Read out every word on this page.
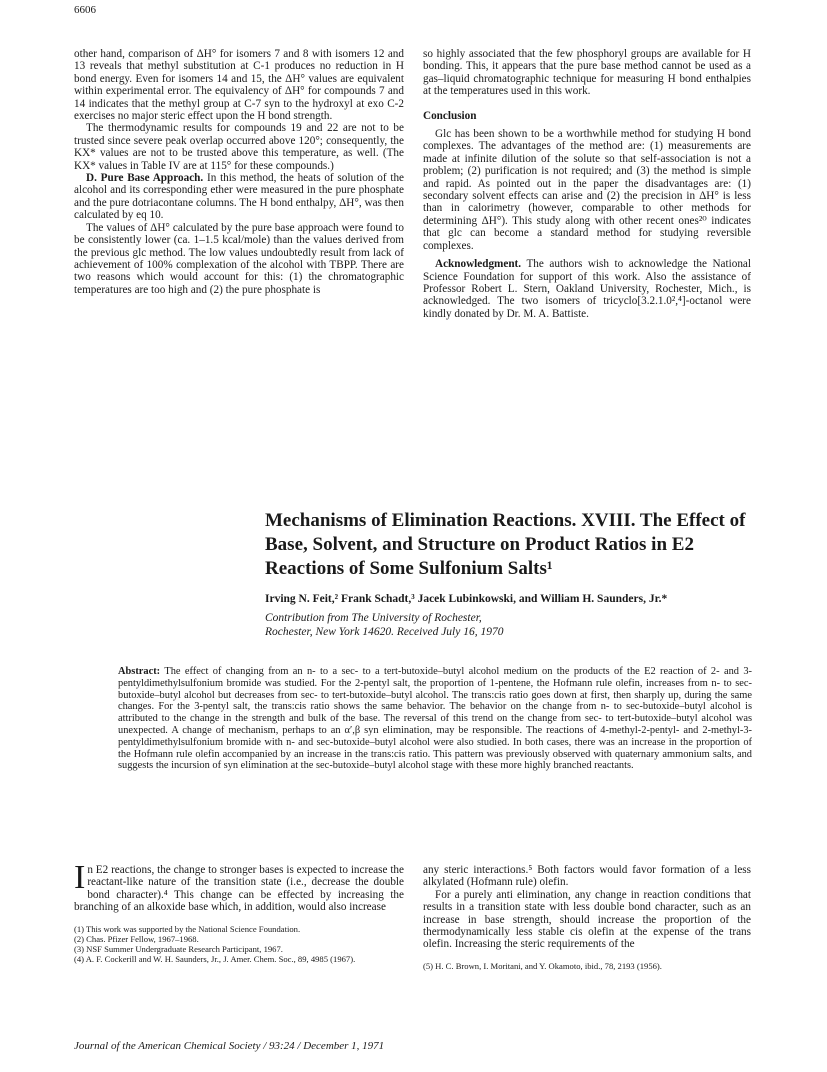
6606

other hand, comparison of ΔH° for isomers 7 and 8 with isomers 12 and 13 reveals that methyl substitution at C-1 produces no reduction in H bond energy. Even for isomers 14 and 15, the ΔH° values are equivalent within experimental error. The equivalency of ΔH° for compounds 7 and 14 indicates that the methyl group at C-7 syn to the hydroxyl at exo C-2 exercises no major steric effect upon the H bond strength.

The thermodynamic results for compounds 19 and 22 are not to be trusted since severe peak overlap occurred above 120°; consequently, the KX* values are not to be trusted above this temperature, as well. (The KX* values in Table IV are at 115° for these compounds.)

D. Pure Base Approach. In this method, the heats of solution of the alcohol and its corresponding ether were measured in the pure phosphate and the pure dotriacontane columns. The H bond enthalpy, ΔH°, was then calculated by eq 10.

The values of ΔH° calculated by the pure base approach were found to be consistently lower (ca. 1–1.5 kcal/mole) than the values derived from the previous glc method. The low values undoubtedly result from lack of achievement of 100% complexation of the alcohol with TBPP. There are two reasons which would account for this: (1) the chromatographic temperatures are too high and (2) the pure phosphate is

so highly associated that the few phosphoryl groups are available for H bonding. This, it appears that the pure base method cannot be used as a gas–liquid chromatographic technique for measuring H bond enthalpies at the temperatures used in this work.

Conclusion

Glc has been shown to be a worthwhile method for studying H bond complexes. The advantages of the method are: (1) measurements are made at infinite dilution of the solute so that self-association is not a problem; (2) purification is not required; and (3) the method is simple and rapid. As pointed out in the paper the disadvantages are: (1) secondary solvent effects can arise and (2) the precision in ΔH° is less than in calorimetry (however, comparable to other methods for determining ΔH°). This study along with other recent ones²⁰ indicates that glc can become a standard method for studying reversible complexes.

Acknowledgment. The authors wish to acknowledge the National Science Foundation for support of this work. Also the assistance of Professor Robert L. Stern, Oakland University, Rochester, Mich., is acknowledged. The two isomers of tricyclo[3.2.1.0²,⁴]-octanol were kindly donated by Dr. M. A. Battiste.

Mechanisms of Elimination Reactions. XVIII. The Effect of Base, Solvent, and Structure on Product Ratios in E2 Reactions of Some Sulfonium Salts¹
Irving N. Feit,² Frank Schadt,³ Jacek Lubinkowski, and William H. Saunders, Jr.*
Contribution from The University of Rochester,
Rochester, New York 14620. Received July 16, 1970
Abstract: The effect of changing from an n- to a sec- to a tert-butoxide–butyl alcohol medium on the products of the E2 reaction of 2- and 3-pentyldimethylsulfonium bromide was studied. For the 2-pentyl salt, the proportion of 1-pentene, the Hofmann rule olefin, increases from n- to sec-butoxide–butyl alcohol but decreases from sec- to tert-butoxide–butyl alcohol. The trans:cis ratio goes down at first, then sharply up, during the same changes. For the 3-pentyl salt, the trans:cis ratio shows the same behavior. The behavior on the change from n- to sec-butoxide–butyl alcohol is attributed to the change in the strength and bulk of the base. The reversal of this trend on the change from sec- to tert-butoxide–butyl alcohol was unexpected. A change of mechanism, perhaps to an α′,β syn elimination, may be responsible. The reactions of 4-methyl-2-pentyl- and 2-methyl-3-pentyldimethylsulfonium bromide with n- and sec-butoxide–butyl alcohol were also studied. In both cases, there was an increase in the proportion of the Hofmann rule olefin accompanied by an increase in the trans:cis ratio. This pattern was previously observed with quaternary ammonium salts, and suggests the incursion of syn elimination at the sec-butoxide–butyl alcohol stage with these more highly branched reactants.

In E2 reactions, the change to stronger bases is expected to increase the reactant-like nature of the transition state (i.e., decrease the double bond character).⁴ This change can be effected by increasing the branching of an alkoxide base which, in addition, would also increase

(1) This work was supported by the National Science Foundation.
(2) Chas. Pfizer Fellow, 1967–1968.
(3) NSF Summer Undergraduate Research Participant, 1967.
(4) A. F. Cockerill and W. H. Saunders, Jr., J. Amer. Chem. Soc., 89, 4985 (1967).

any steric interactions.⁵ Both factors would favor formation of a less alkylated (Hofmann rule) olefin.

For a purely anti elimination, any change in reaction conditions that results in a transition state with less double bond character, such as an increase in base strength, should increase the proportion of the thermodynamically less stable cis olefin at the expense of the trans olefin. Increasing the steric requirements of the

(5) H. C. Brown, I. Moritani, and Y. Okamoto, ibid., 78, 2193 (1956).
Journal of the American Chemical Society / 93:24 / December 1, 1971
